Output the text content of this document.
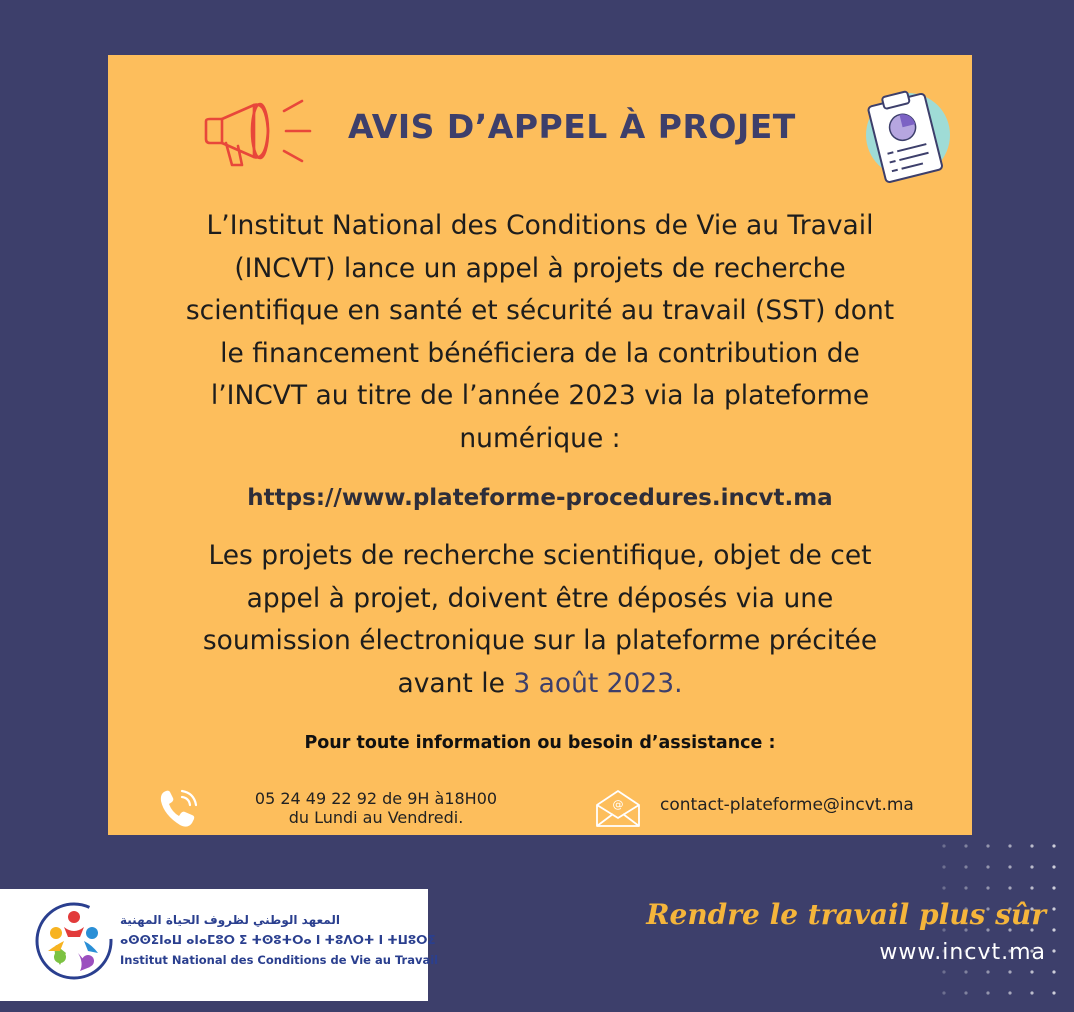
AVIS D’APPEL À PROJET
L’Institut National des Conditions de Vie au Travail
(INCVT) lance un appel à projets de recherche
scientifique en santé et sécurité au travail (SST) dont
le financement bénéficiera de la contribution de
l’INCVT au titre de l’année 2023 via la plateforme
numérique :
https://www.plateforme-procedures.incvt.ma
Les projets de recherche scientifique, objet de cet
appel à projet, doivent être déposés via une
soumission électronique sur la plateforme précitée
avant le 3 août 2023.
Pour toute information ou besoin d’assistance :
05 24 49 22 92 de 9H à18H00
du Lundi au Vendredi.
@ contact-plateforme@incvt.ma
المعهد الوطني لظروف الحياة المهنية
ⴰⵙⵙⵉⵏⴰⵡ ⴰⵏⴰⵎⵓⵔ ⵉ ⵜⵙⵓⵜⵔⴰ ⵏ ⵜⵓⴷⵔⵜ ⵏ ⵜⵡⵓⵔⵉ
Institut National des Conditions de Vie au Travail
Rendre le travail plus sûr
www.incvt.ma
